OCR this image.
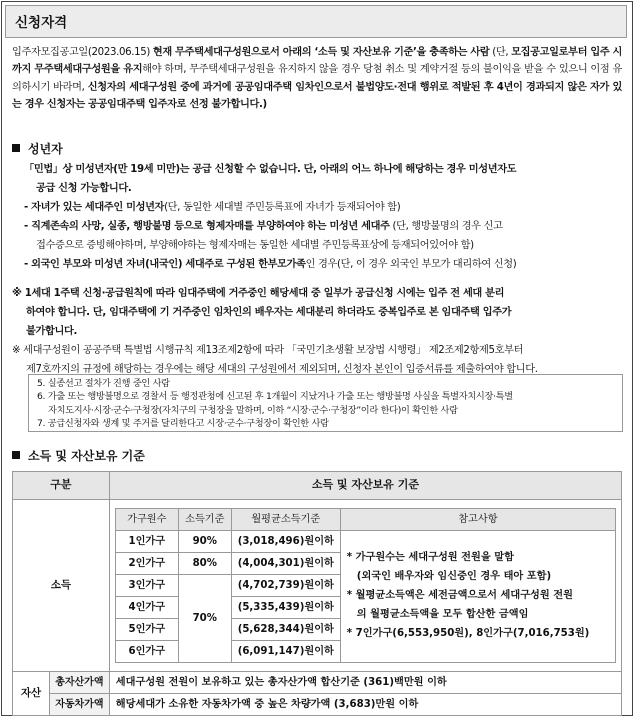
신청자격
입주자모집공고일(2023.06.15) 현재 무주택세대구성원으로서 아래의 ‘소득 및 자산보유 기준’을 충족하는 사람 (단, 모집공고일로부터 입주 시까지 무주택세대구성원을 유지해야 하며, 무주택세대구성원을 유지하지 않을 경우 당첨 취소 및 계약거절 등의 불이익을 받을 수 있으니 이점 유의하시기 바라며, 신청자의 세대구성원 중에 과거에 공공임대주택 임차인으로서 불법양도·전대 행위로 적발된 후 4년이 경과되지 않은 자가 있는 경우 신청자는 공공임대주택 입주자로 선정 불가합니다.)
성년자
「민법」상 미성년자(만 19세 미만)는 공급 신청할 수 없습니다. 단, 아래의 어느 하나에 해당하는 경우 미성년자도
공급 신청 가능합니다.
- 자녀가 있는 세대주인 미성년자(단, 동일한 세대별 주민등록표에 자녀가 등재되어야 함)
- 직계존속의 사망, 실종, 행방불명 등으로 형제자매를 부양하여야 하는 미성년 세대주 (단, 행방불명의 경우 신고
접수증으로 증빙해야하며, 부양해야하는 형제자매는 동일한 세대별 주민등록표상에 등재되어있어야 함)
- 외국인 부모와 미성년 자녀(내국인) 세대주로 구성된 한부모가족인 경우(단, 이 경우 외국인 부모가 대리하여 신청)
※ 1세대 1주택 신청·공급원칙에 따라 임대주택에 거주중인 해당세대 중 일부가 공급신청 시에는 입주 전 세대 분리
하여야 합니다. 단, 임대주택에 기 거주중인 임차인의 배우자는 세대분리 하더라도 중복입주로 본 임대주택 입주가
불가합니다.
※ 세대구성원이 공공주택 특별법 시행규칙 제13조제2항에 따라 「국민기초생활 보장법 시행령」 제2조제2항제5호부터
제7호까지의 규정에 해당하는 경우에는 해당 세대의 구성원에서 제외되며, 신청자 본인이 입증서류를 제출하여야 합니다.
5. 실종선고 절차가 진행 중인 사람
6. 가출 또는 행방불명으로 경찰서 등 행정관청에 신고된 후 1개월이 지났거나 가출 또는 행방불명 사실을 특별자치시장·특별
자치도지사·시장·군수·구청장(자치구의 구청장을 말하며, 이하 “시장·군수·구청장”이라 한다)이 확인한 사람
7. 공급신청자와 생계 및 주거를 달리한다고 시장·군수·구청장이 확인한 사람
소득 및 자산보유 기준
구분	소득 및 자산보유 기준
소득	
가구원수	소득기준	월평균소득기준	참고사항
1인가구	90%	(3,018,496)원이하	
* 가구원수는 세대구성원 전원을 말함
(외국인 배우자와 임신중인 경우 태아 포함)
* 월평균소득액은 세전금액으로서 세대구성원 전원
의 월평균소득액을 모두 합산한 금액임
* 7인가구(6,553,950원), 8인가구(7,016,753원)

2인가구	80%	(4,004,301)원이하
3인가구	70%	(4,702,739)원이하
4인가구	(5,335,439)원이하
5인가구	(5,628,344)원이하
6인가구	(6,091,147)원이하

자산	총자산가액	세대구성원 전원이 보유하고 있는 총자산가액 합산기준 (361)백만원 이하
자동차가액	해당세대가 소유한 자동차가액 중 높은 차량가액 (3,683)만원 이하
